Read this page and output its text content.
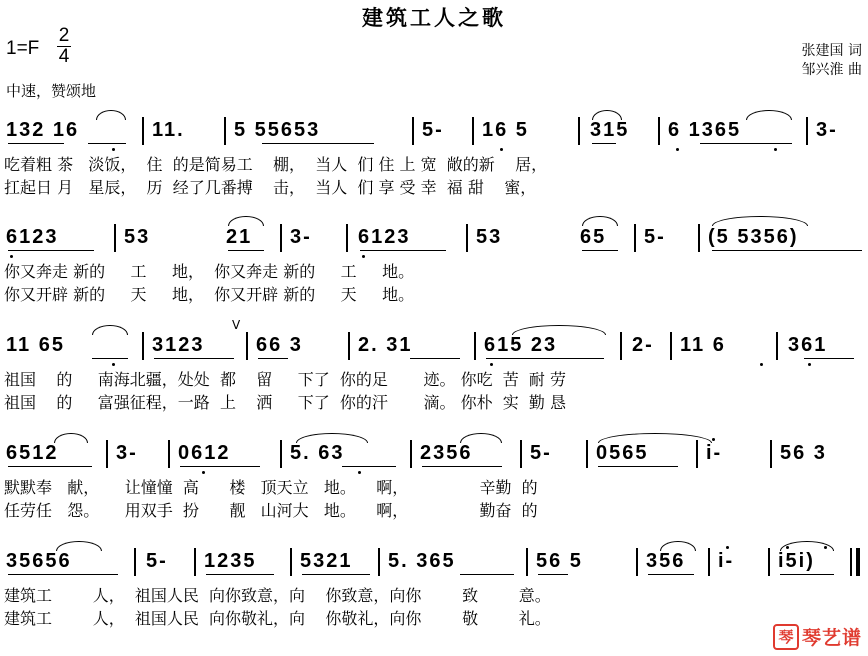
建筑工人之歌
1=F
2
4	张建国 词
邹兴淮 曲
中速，赞颂地
132 16	11. 5 55653	5- 16 5	315 6 1365	3-
吃着粗 茶   淡饭，  住  的是简易工    棚，  当人  们 住 上 宽  敞的新    居，
扛起日 月   星辰，  历  经了几番搏    击，  当人  们 享 受 幸  福 甜    蜜，
6123	53	21 3- 6123	53	65 5- (5 5356)
你又奔走 新的     工     地，  你又奔走 新的     工     地。
你又开辟 新的     天     地，  你又开辟 新的     天     地。
V
11 65	3123	66 3	2. 31	615 23	2- 11 6	361
祖国    的     南海北疆，处处  都    留     下了  你的足       迹。 你吃  苦  耐 劳
祖国    的     富强征程，一路  上    洒     下了  你的汗       滴。 你朴  实  勤 恳
6512	3- 0612	5. 63	2356	5- 0565	i-	56 3
默默奉   献，     让憧憧  高      楼   顶天立   地。    啊，              辛勤  的
任劳任   怨。     用双手  扮      靓   山河大   地。    啊，              勤奋  的
35656	5- 1235 5321 5. 365	56 5	356 i- i5i)
建筑工        人，  祖国人民  向你致意，向    你致意，向你        致        意。
建筑工        人，  祖国人民  向你敬礼，向    你敬礼，向你        敬        礼。
琴 琴艺谱
